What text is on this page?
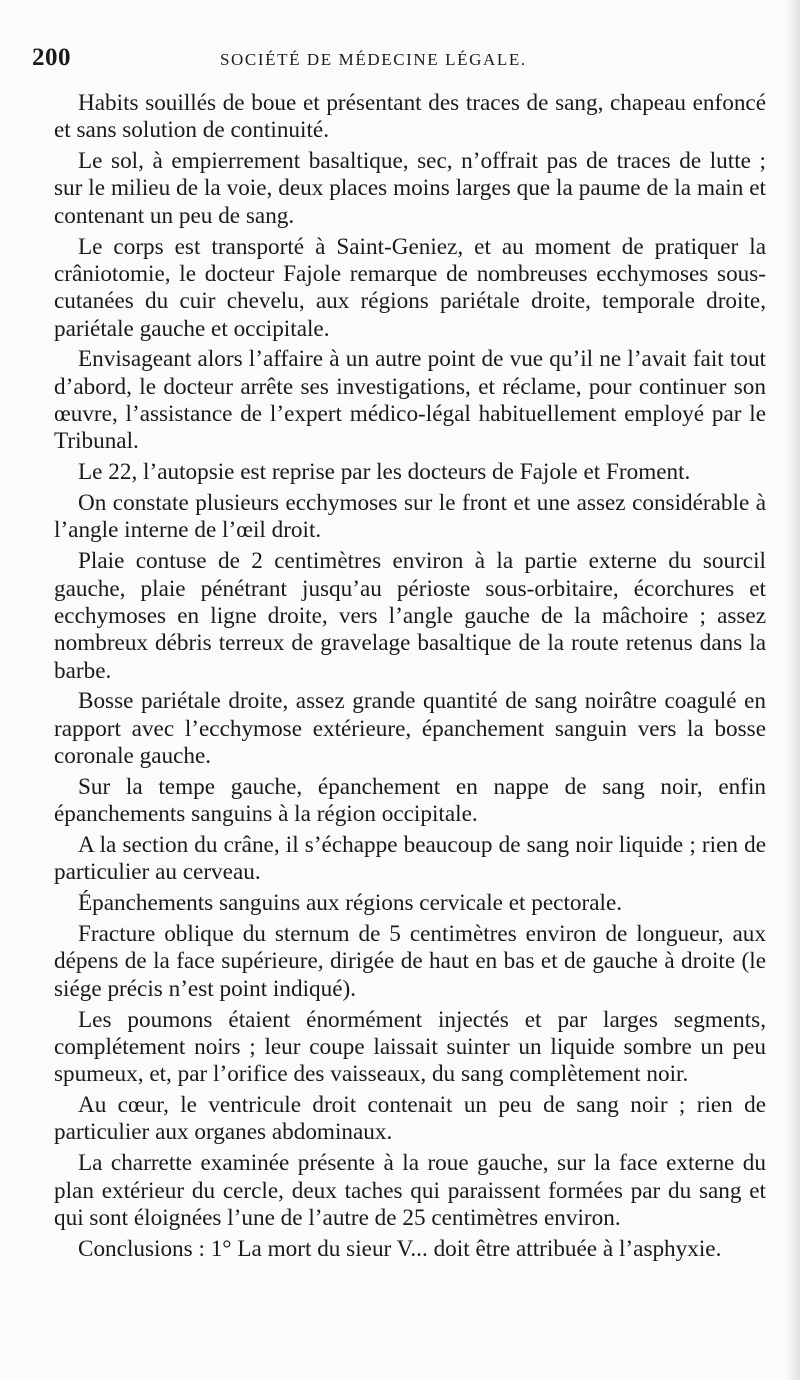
200	SOCIÉTÉ DE MÉDECINE LÉGALE.

Habits souillés de boue et présentant des traces de sang, chapeau enfoncé et sans solution de continuité.

Le sol, à empierrement basaltique, sec, n’offrait pas de traces de lutte ; sur le milieu de la voie, deux places moins larges que la paume de la main et contenant un peu de sang.

Le corps est transporté à Saint-Geniez, et au moment de pratiquer la crâniotomie, le docteur Fajole remarque de nombreuses ecchymoses sous-cutanées du cuir chevelu, aux régions pariétale droite, temporale droite, pariétale gauche et occipitale.

Envisageant alors l’affaire à un autre point de vue qu’il ne l’avait fait tout d’abord, le docteur arrête ses investigations, et réclame, pour continuer son œuvre, l’assistance de l’expert médico-légal habituellement employé par le Tribunal.

Le 22, l’autopsie est reprise par les docteurs de Fajole et Froment.

On constate plusieurs ecchymoses sur le front et une assez considérable à l’angle interne de l’œil droit.

Plaie contuse de 2 centimètres environ à la partie externe du sourcil gauche, plaie pénétrant jusqu’au périoste sous-orbitaire, écorchures et ecchymoses en ligne droite, vers l’angle gauche de la mâchoire ; assez nombreux débris terreux de gravelage basaltique de la route retenus dans la barbe.

Bosse pariétale droite, assez grande quantité de sang noirâtre coagulé en rapport avec l’ecchymose extérieure, épanchement sanguin vers la bosse coronale gauche.

Sur la tempe gauche, épanchement en nappe de sang noir, enfin épanchements sanguins à la région occipitale.

A la section du crâne, il s’échappe beaucoup de sang noir liquide ; rien de particulier au cerveau.

Épanchements sanguins aux régions cervicale et pectorale.

Fracture oblique du sternum de 5 centimètres environ de longueur, aux dépens de la face supérieure, dirigée de haut en bas et de gauche à droite (le siége précis n’est point indiqué).

Les poumons étaient énormément injectés et par larges segments, complétement noirs ; leur coupe laissait suinter un liquide sombre un peu spumeux, et, par l’orifice des vaisseaux, du sang complètement noir.

Au cœur, le ventricule droit contenait un peu de sang noir ; rien de particulier aux organes abdominaux.

La charrette examinée présente à la roue gauche, sur la face externe du plan extérieur du cercle, deux taches qui paraissent formées par du sang et qui sont éloignées l’une de l’autre de 25 centimètres environ.

Conclusions : 1° La mort du sieur V... doit être attribuée à l’asphyxie.
